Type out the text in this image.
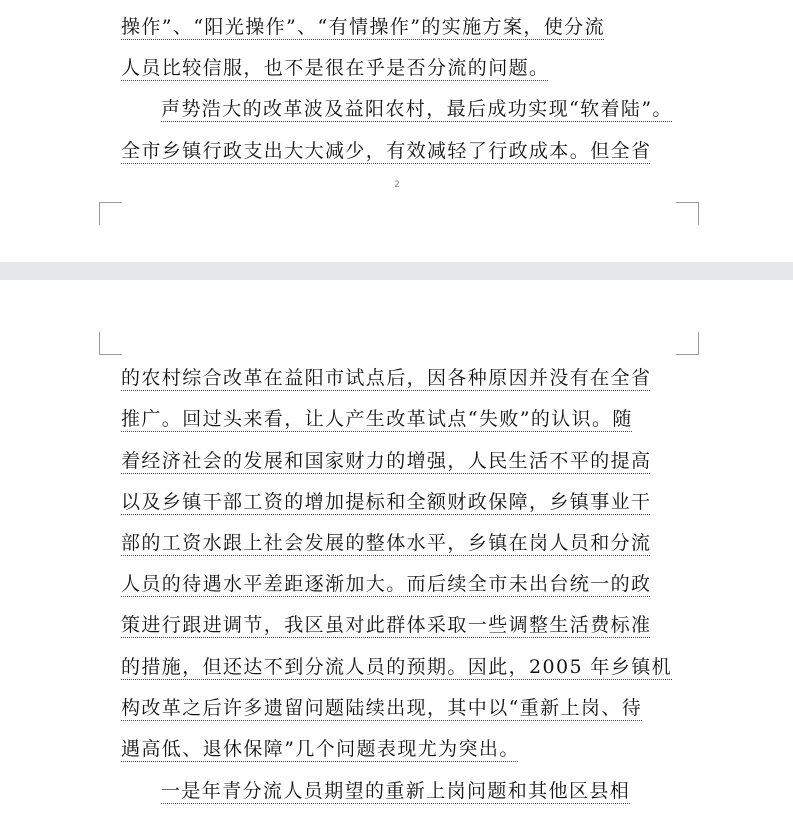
操作”、“阳光操作”、“有情操作”的实施方案，使分流
人员比较信服，也不是很在乎是否分流的问题。
声势浩大的改革波及益阳农村，最后成功实现“软着陆”。
全市乡镇行政支出大大减少，有效减轻了行政成本。但全省
2
的农村综合改革在益阳市试点后，因各种原因并没有在全省
推广。回过头来看，让人产生改革试点“失败”的认识。随
着经济社会的发展和国家财力的增强，人民生活不平的提高
以及乡镇干部工资的增加提标和全额财政保障，乡镇事业干
部的工资水跟上社会发展的整体水平，乡镇在岗人员和分流
人员的待遇水平差距逐渐加大。而后续全市未出台统一的政
策进行跟进调节，我区虽对此群体采取一些调整生活费标准
的措施，但还达不到分流人员的预期。因此，2005 年乡镇机
构改革之后许多遗留问题陆续出现，其中以“重新上岗、待
遇高低、退休保障”几个问题表现尤为突出。
一是年青分流人员期望的重新上岗问题和其他区县相
